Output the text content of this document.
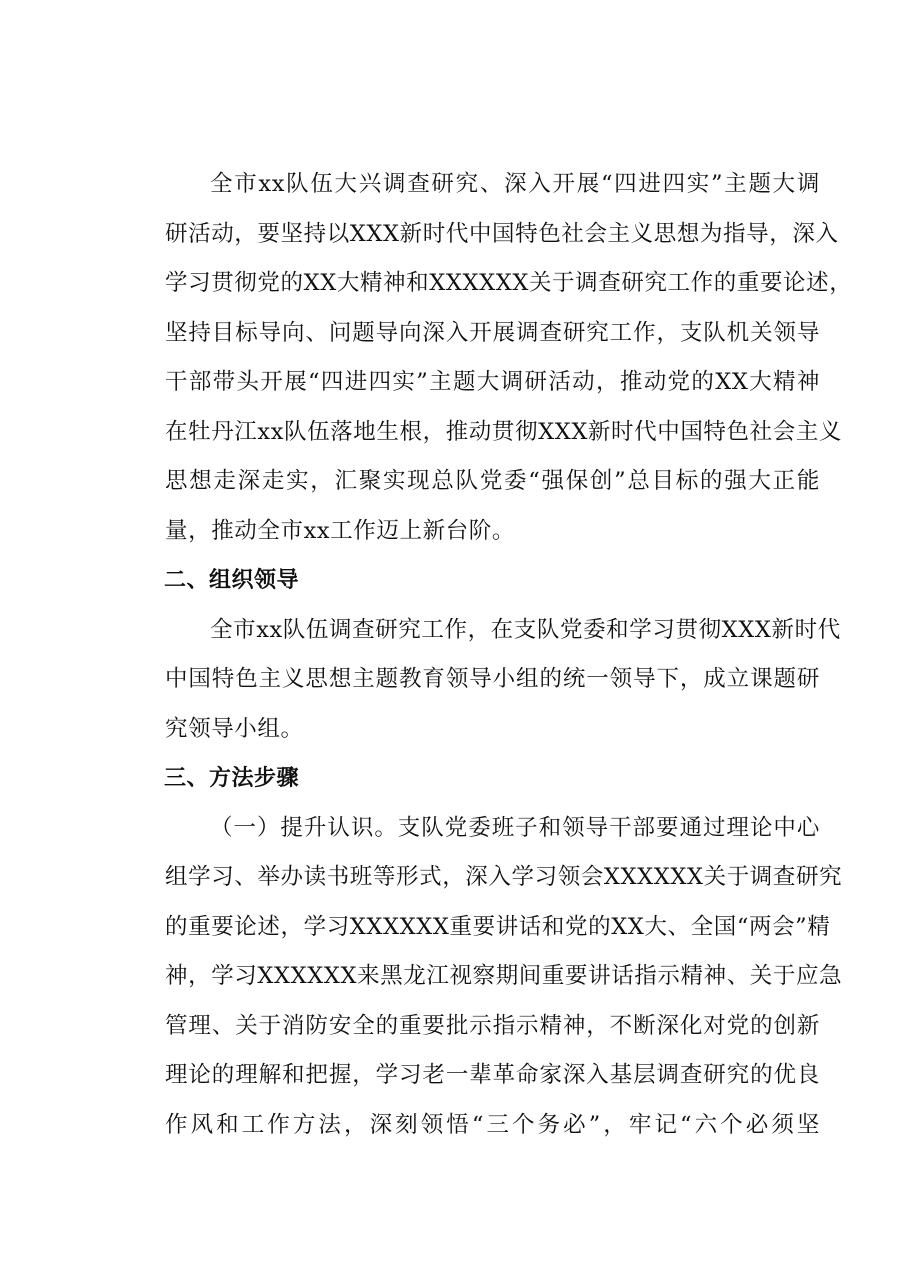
全市xx队伍大兴调查研究、深入开展“四进四实”主题大调
研活动，要坚持以XXX新时代中国特色社会主义思想为指导，深入
学习贯彻党的XX大精神和XXXXXX关于调查研究工作的重要论述，
坚持目标导向、问题导向深入开展调查研究工作，支队机关领导
干部带头开展“四进四实”主题大调研活动，推动党的XX大精神
在牡丹江xx队伍落地生根，推动贯彻XXX新时代中国特色社会主义
思想走深走实，汇聚实现总队党委“强保创”总目标的强大正能
量，推动全市xx工作迈上新台阶。
二、组织领导
全市xx队伍调查研究工作，在支队党委和学习贯彻XXX新时代
中国特色主义思想主题教育领导小组的统一领导下，成立课题研
究领导小组。
三、方法步骤
（一）提升认识。支队党委班子和领导干部要通过理论中心
组学习、举办读书班等形式，深入学习领会XXXXXX关于调查研究
的重要论述，学习XXXXXX重要讲话和党的XX大、全国“两会”精
神，学习XXXXXX来黑龙江视察期间重要讲话指示精神、关于应急
管理、关于消防安全的重要批示指示精神，不断深化对党的创新
理论的理解和把握，学习老一辈革命家深入基层调查研究的优良
作风和工作方法，深刻领悟“三个务必”，牢记“六个必须坚
